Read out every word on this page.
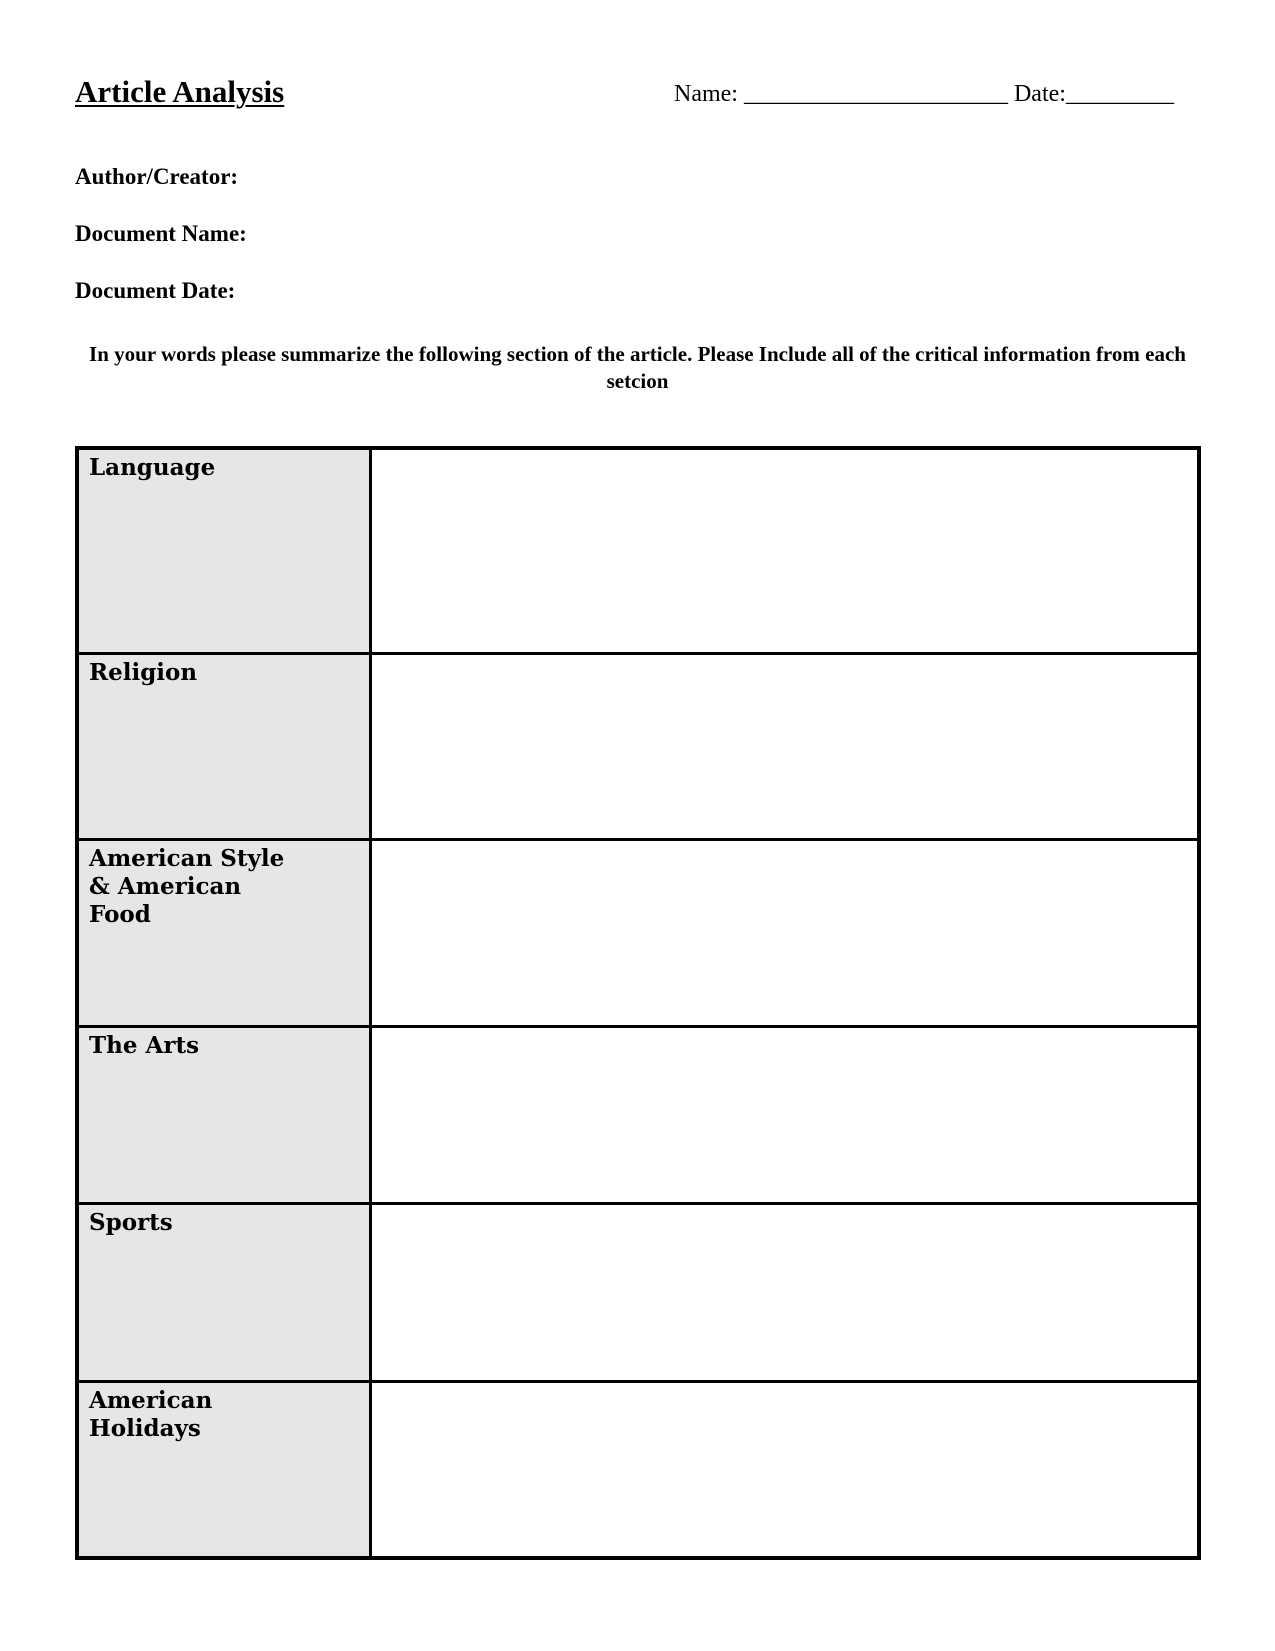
Article Analysis	Name: ______________________ Date:_________

Author/Creator:

Document Name:

Document Date:

In your words please summarize the following section of the article. Please Include all of the critical information from each setcion

Language	
Religion	
American Style
& American
Food	
The Arts	
Sports	
American
Holidays	
